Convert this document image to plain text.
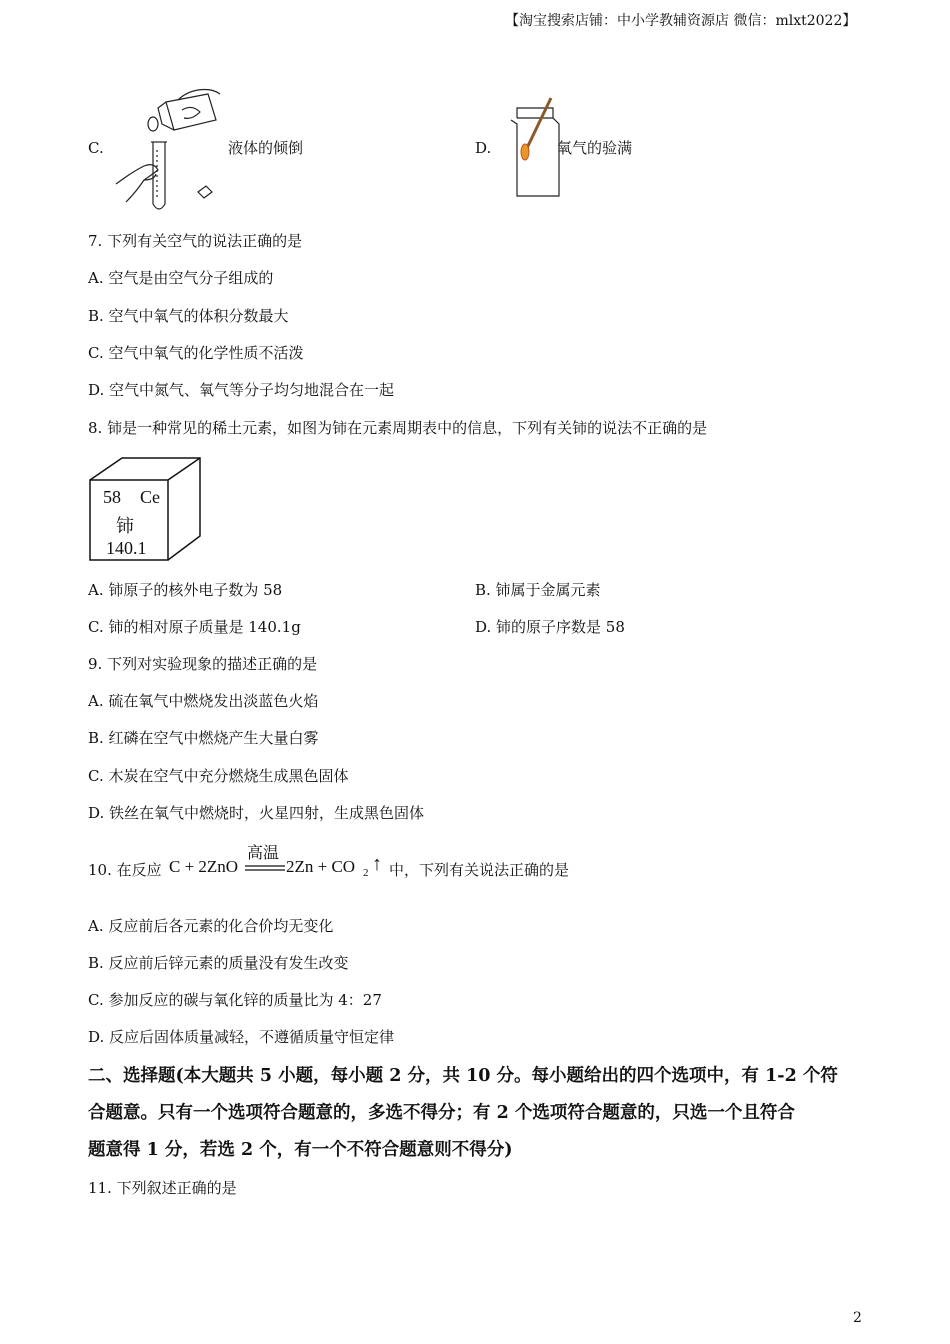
【淘宝搜索店铺：中小学教辅资源店 微信：mlxt2022】
C.	液体的倾倒	D.	氧气的验满
7. 下列有关空气的说法正确的是
A. 空气是由空气分子组成的
B. 空气中氧气的体积分数最大
C. 空气中氧气的化学性质不活泼
D. 空气中氮气、氧气等分子均匀地混合在一起
8. 铈是一种常见的稀土元素，如图为铈在元素周期表中的信息，下列有关铈的说法不正确的是
58 Ce
铈
140.1
A. 铈原子的核外电子数为 58	B. 铈属于金属元素
C. 铈的相对原子质量是 140.1g	D. 铈的原子序数是 58
9. 下列对实验现象的描述正确的是
A. 硫在氧气中燃烧发出淡蓝色火焰
B. 红磷在空气中燃烧产生大量白雾
C. 木炭在空气中充分燃烧生成黑色固体
D. 铁丝在氧气中燃烧时，火星四射，生成黑色固体
10. 在反应 C + 2ZnO
高温
2Zn + CO 2 ↑ 中，下列有关说法正确的是
A. 反应前后各元素的化合价均无变化
B. 反应前后锌元素的质量没有发生改变
C. 参加反应的碳与氧化锌的质量比为 4：27
D. 反应后固体质量减轻，不遵循质量守恒定律
二、选择题(本大题共 5 小题，每小题 2 分，共 10 分。每小题给出的四个选项中，有 1-2 个符
合题意。只有一个选项符合题意的，多选不得分；有 2 个选项符合题意的，只选一个且符合
题意得 1 分，若选 2 个，有一个不符合题意则不得分)
11. 下列叙述正确的是
2
